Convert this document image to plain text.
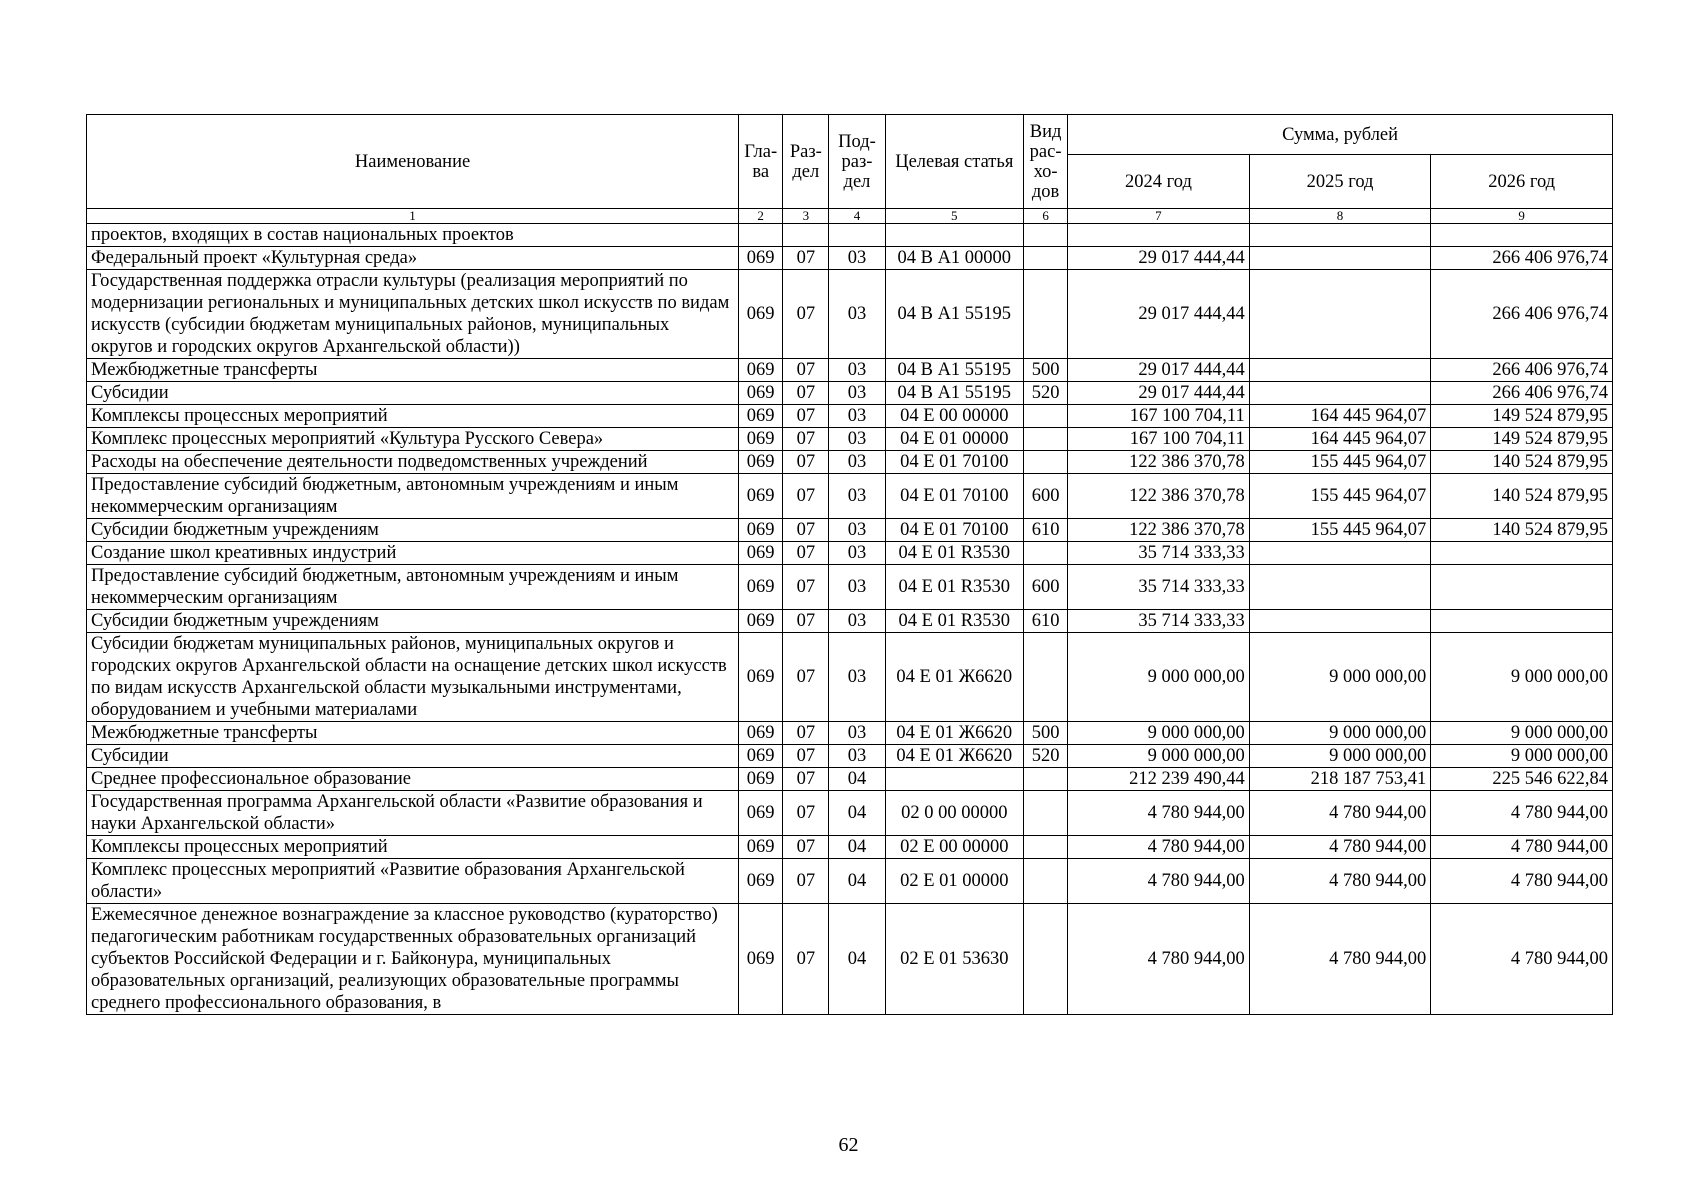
Наименование	Гла-ва	Раз-дел	Под-раз-дел	Целевая статья	Вид рас-хо-дов	Сумма, рублей		
						2024 год	2025 год	2026 год
1	2	3	4	5	6	7	8	9
проектов, входящих в состав национальных проектов								
Федеральный проект «Культурная среда»	069	07	03	04 В А1 00000		29 017 444,44		266 406 976,74
Государственная поддержка отрасли культуры (реализация мероприятий по модернизации региональных и муниципальных детских школ искусств по видам искусств (субсидии бюджетам муниципальных районов, муниципальных округов и городских округов Архангельской области))	069	07	03	04 В А1 55195		29 017 444,44		266 406 976,74
Межбюджетные трансферты	069	07	03	04 В А1 55195	500	29 017 444,44		266 406 976,74
Субсидии	069	07	03	04 В А1 55195	520	29 017 444,44		266 406 976,74
Комплексы процессных мероприятий	069	07	03	04 Е 00 00000		167 100 704,11	164 445 964,07	149 524 879,95
Комплекс процессных мероприятий «Культура Русского Севера»	069	07	03	04 Е 01 00000		167 100 704,11	164 445 964,07	149 524 879,95
Расходы на обеспечение деятельности подведомственных учреждений	069	07	03	04 Е 01 70100		122 386 370,78	155 445 964,07	140 524 879,95
Предоставление субсидий бюджетным, автономным учреждениям и иным некоммерческим организациям	069	07	03	04 Е 01 70100	600	122 386 370,78	155 445 964,07	140 524 879,95
Субсидии бюджетным учреждениям	069	07	03	04 Е 01 70100	610	122 386 370,78	155 445 964,07	140 524 879,95
Создание школ креативных индустрий	069	07	03	04 Е 01 R3530		35 714 333,33		
Предоставление субсидий бюджетным, автономным учреждениям и иным некоммерческим организациям	069	07	03	04 Е 01 R3530	600	35 714 333,33		
Субсидии бюджетным учреждениям	069	07	03	04 Е 01 R3530	610	35 714 333,33		
Субсидии бюджетам муниципальных районов, муниципальных округов и городских округов Архангельской области на оснащение детских школ искусств по видам искусств Архангельской области музыкальными инструментами, оборудованием и учебными материалами	069	07	03	04 Е 01 Ж6620		9 000 000,00	9 000 000,00	9 000 000,00
Межбюджетные трансферты	069	07	03	04 Е 01 Ж6620	500	9 000 000,00	9 000 000,00	9 000 000,00
Субсидии	069	07	03	04 Е 01 Ж6620	520	9 000 000,00	9 000 000,00	9 000 000,00
Среднее профессиональное образование	069	07	04			212 239 490,44	218 187 753,41	225 546 622,84
Государственная программа Архангельской области «Развитие образования и науки Архангельской области»	069	07	04	02 0 00 00000		4 780 944,00	4 780 944,00	4 780 944,00
Комплексы процессных мероприятий	069	07	04	02 Е 00 00000		4 780 944,00	4 780 944,00	4 780 944,00
Комплекс процессных мероприятий «Развитие образования Архангельской области»	069	07	04	02 Е 01 00000		4 780 944,00	4 780 944,00	4 780 944,00
Ежемесячное денежное вознаграждение за классное руководство (кураторство) педагогическим работникам государственных образовательных организаций субъектов Российской Федерации и г. Байконура, муниципальных образовательных организаций, реализующих образовательные программы среднего профессионального образования, в	069	07	04	02 Е 01 53630		4 780 944,00	4 780 944,00	4 780 944,00
62
